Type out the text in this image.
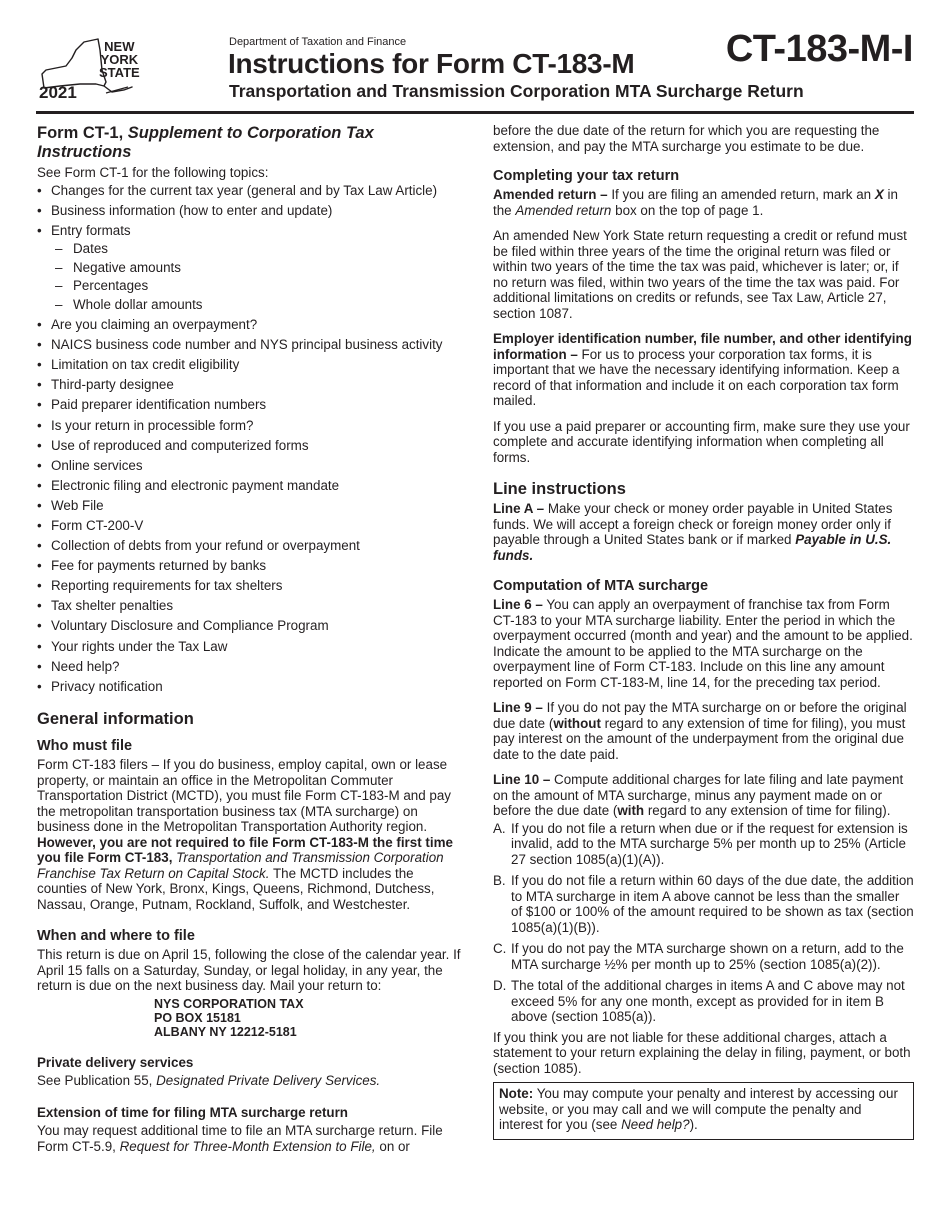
NEW
YORK
STATE
2021
Department of Taxation and Finance
Instructions for Form CT-183-M
Transportation and Transmission Corporation MTA Surcharge Return
CT-183-M-I
Form CT-1, Supplement to Corporation Tax Instructions

See Form CT-1 for the following topics:

• Changes for the current tax year (general and by Tax Law Article)
• Business information (how to enter and update)
• Entry formats
– Dates
– Negative amounts
– Percentages
– Whole dollar amounts
• Are you claiming an overpayment?
• NAICS business code number and NYS principal business activity
• Limitation on tax credit eligibility
• Third-party designee
• Paid preparer identification numbers
• Is your return in processible form?
• Use of reproduced and computerized forms
• Online services
• Electronic filing and electronic payment mandate
• Web File
• Form CT-200-V
• Collection of debts from your refund or overpayment
• Fee for payments returned by banks
• Reporting requirements for tax shelters
• Tax shelter penalties
• Voluntary Disclosure and Compliance Program
• Your rights under the Tax Law
• Need help?
• Privacy notification
General information
Who must file

Form CT-183 filers – If you do business, employ capital, own or lease property, or maintain an office in the Metropolitan Commuter Transportation District (MCTD), you must file Form CT-183-M and pay the metropolitan transportation business tax (MTA surcharge) on business done in the Metropolitan Transportation Authority region. However, you are not required to file Form CT-183-M the first time you file Form CT-183, Transportation and Transmission Corporation Franchise Tax Return on Capital Stock. The MCTD includes the counties of New York, Bronx, Kings, Queens, Richmond, Dutchess, Nassau, Orange, Putnam, Rockland, Suffolk, and Westchester.

When and where to file

This return is due on April 15, following the close of the calendar year. If April 15 falls on a Saturday, Sunday, or legal holiday, in any year, the return is due on the next business day. Mail your return to:

NYS CORPORATION TAX
PO BOX 15181
ALBANY NY 12212-5181
Private delivery services

See Publication 55, Designated Private Delivery Services.

Extension of time for filing MTA surcharge return

You may request additional time to file an MTA surcharge return. File Form CT-5.9, Request for Three-Month Extension to File, on or

before the due date of the return for which you are requesting the extension, and pay the MTA surcharge you estimate to be due.

Completing your tax return

Amended return – If you are filing an amended return, mark an X in the Amended return box on the top of page 1.

An amended New York State return requesting a credit or refund must be filed within three years of the time the original return was filed or within two years of the time the tax was paid, whichever is later; or, if no return was filed, within two years of the time the tax was paid. For additional limitations on credits or refunds, see Tax Law, Article 27, section 1087.

Employer identification number, file number, and other identifying information – For us to process your corporation tax forms, it is important that we have the necessary identifying information. Keep a record of that information and include it on each corporation tax form mailed.

If you use a paid preparer or accounting firm, make sure they use your complete and accurate identifying information when completing all forms.

Line instructions

Line A – Make your check or money order payable in United States funds. We will accept a foreign check or foreign money order only if payable through a United States bank or if marked Payable in U.S. funds.

Computation of MTA surcharge

Line 6 – You can apply an overpayment of franchise tax from Form CT-183 to your MTA surcharge liability. Enter the period in which the overpayment occurred (month and year) and the amount to be applied. Indicate the amount to be applied to the MTA surcharge on the overpayment line of Form CT-183. Include on this line any amount reported on Form CT-183-M, line 14, for the preceding tax period.

Line 9 – If you do not pay the MTA surcharge on or before the original due date (without regard to any extension of time for filing), you must pay interest on the amount of the underpayment from the original due date to the date paid.

Line 10 – Compute additional charges for late filing and late payment on the amount of MTA surcharge, minus any payment made on or before the due date (with regard to any extension of time for filing).

A. If you do not file a return when due or if the request for extension is invalid, add to the MTA surcharge 5% per month up to 25% (Article 27 section 1085(a)(1)(A)).
B. If you do not file a return within 60 days of the due date, the addition to MTA surcharge in item A above cannot be less than the smaller of $100 or 100% of the amount required to be shown as tax (section 1085(a)(1)(B)).
C. If you do not pay the MTA surcharge shown on a return, add to the MTA surcharge ½% per month up to 25% (section 1085(a)(2)).
D. The total of the additional charges in items A and C above may not exceed 5% for any one month, except as provided for in item B above (section 1085(a)).

If you think you are not liable for these additional charges, attach a statement to your return explaining the delay in filing, payment, or both (section 1085).

Note: You may compute your penalty and interest by accessing our website, or you may call and we will compute the penalty and interest for you (see Need help?).
